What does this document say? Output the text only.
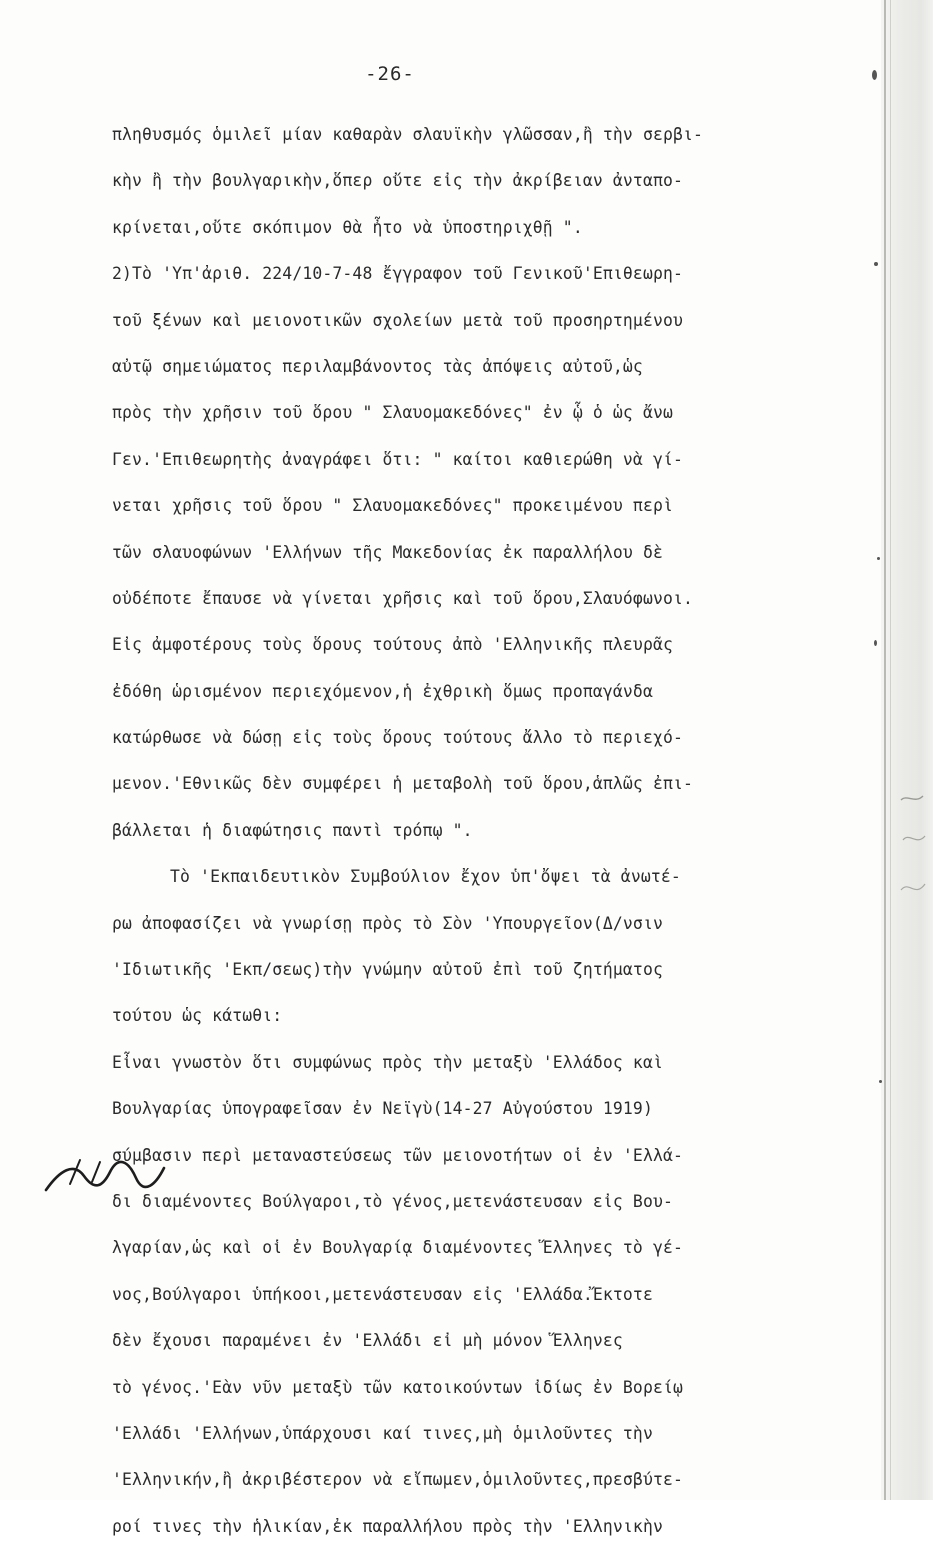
-26-
πληθυσμός ὁμιλεῖ μίαν καθαρὰν σλαυϊκὴν γλῶσσαν,ἢ τὴν σερβι-
κὴν ἢ τὴν βουλγαρικὴν,ὅπερ οὔτε εἰς τὴν ἀκρίβειαν ἀνταπο-
κρίνεται,οὔτε σκόπιμον θὰ ἦτο νὰ ὑποστηριχθῇ ".
2)Τὸ 'Υπ'ἀριθ. 224/10-7-48 ἔγγραφον τοῦ Γενικοῦ'Επιθεωρη-
τοῦ ξένων καὶ μειονοτικῶν σχολείων μετὰ τοῦ προσηρτημένου
αὐτῷ σημειώματος περιλαμβάνοντος τὰς ἀπόψεις αὐτοῦ,ὡς
πρὸς τὴν χρῆσιν τοῦ ὅρου " Σλαυομακεδόνες" ἐν ᾧ ὁ ὡς ἄνω
Γεν.'Επιθεωρητὴς ἀναγράφει ὅτι: " καίτοι καθιερώθη νὰ γί-
νεται χρῆσις τοῦ ὅρου " Σλαυομακεδόνες" προκειμένου περὶ
τῶν σλαυοφώνων 'Ελλήνων τῆς Μακεδονίας ἐκ παραλλήλου δὲ
οὐδέποτε ἔπαυσε νὰ γίνεται χρῆσις καὶ τοῦ ὅρου,Σλαυόφωνοι.
Εἰς ἀμφοτέρους τοὺς ὅρους τούτους ἀπὸ 'Ελληνικῆς πλευρᾶς
ἐδόθη ὡρισμένον περιεχόμενον,ἡ ἐχθρικὴ ὅμως προπαγάνδα
κατώρθωσε νὰ δώσῃ εἰς τοὺς ὅρους τούτους ἄλλο τὸ περιεχό-
μενον.'Εθνικῶς δὲν συμφέρει ἡ μεταβολὴ τοῦ ὅρου,ἁπλῶς ἐπι-
βάλλεται ἡ διαφώτησις παντὶ τρόπῳ ".
Τὸ 'Εκπαιδευτικὸν Συμβούλιον ἔχον ὑπ'ὄψει τὰ ἀνωτέ-
ρω ἀποφασίζει νὰ γνωρίσῃ πρὸς τὸ Σὸν 'Υπουργεῖον(Δ/νσιν
'Ιδιωτικῆς 'Εκπ/σεως)τὴν γνώμην αὐτοῦ ἐπὶ τοῦ ζητήματος
τούτου ὡς κάτωθι:
Εἶναι γνωστὸν ὅτι συμφώνως πρὸς τὴν μεταξὺ 'Ελλάδος καὶ
Βουλγαρίας ὑπογραφεῖσαν ἐν Νεϊγὺ(14-27 Αὐγούστου 1919)
σύμβασιν περὶ μεταναστεύσεως τῶν μειονοτήτων οἱ ἐν 'Ελλά-
δι διαμένοντες Βούλγαροι,τὸ γένος,μετενάστευσαν εἰς Βου-
λγαρίαν,ὡς καὶ οἱ ἐν Βουλγαρίᾳ διαμένοντες Ἕλληνες τὸ γέ-
νος,Βούλγαροι ὑπήκοοι,μετενάστευσαν εἰς 'Ελλάδα.Ἔκτοτε
δὲν ἔχουσι παραμένει ἐν 'Ελλάδι εἰ μὴ μόνον Ἕλληνες
τὸ γένος.'Εὰν νῦν μεταξὺ τῶν κατοικούντων ἰδίως ἐν Βορείῳ
'Ελλάδι 'Ελλήνων,ὑπάρχουσι καί τινες,μὴ ὁμιλοῦντες τὴν
'Ελληνικήν,ἢ ἀκριβέστερον νὰ εἴπωμεν,ὁμιλοῦντες,πρεσβύτε-
ροί τινες τὴν ἡλικίαν,ἐκ παραλλήλου πρὸς τὴν 'Ελληνικὴν
